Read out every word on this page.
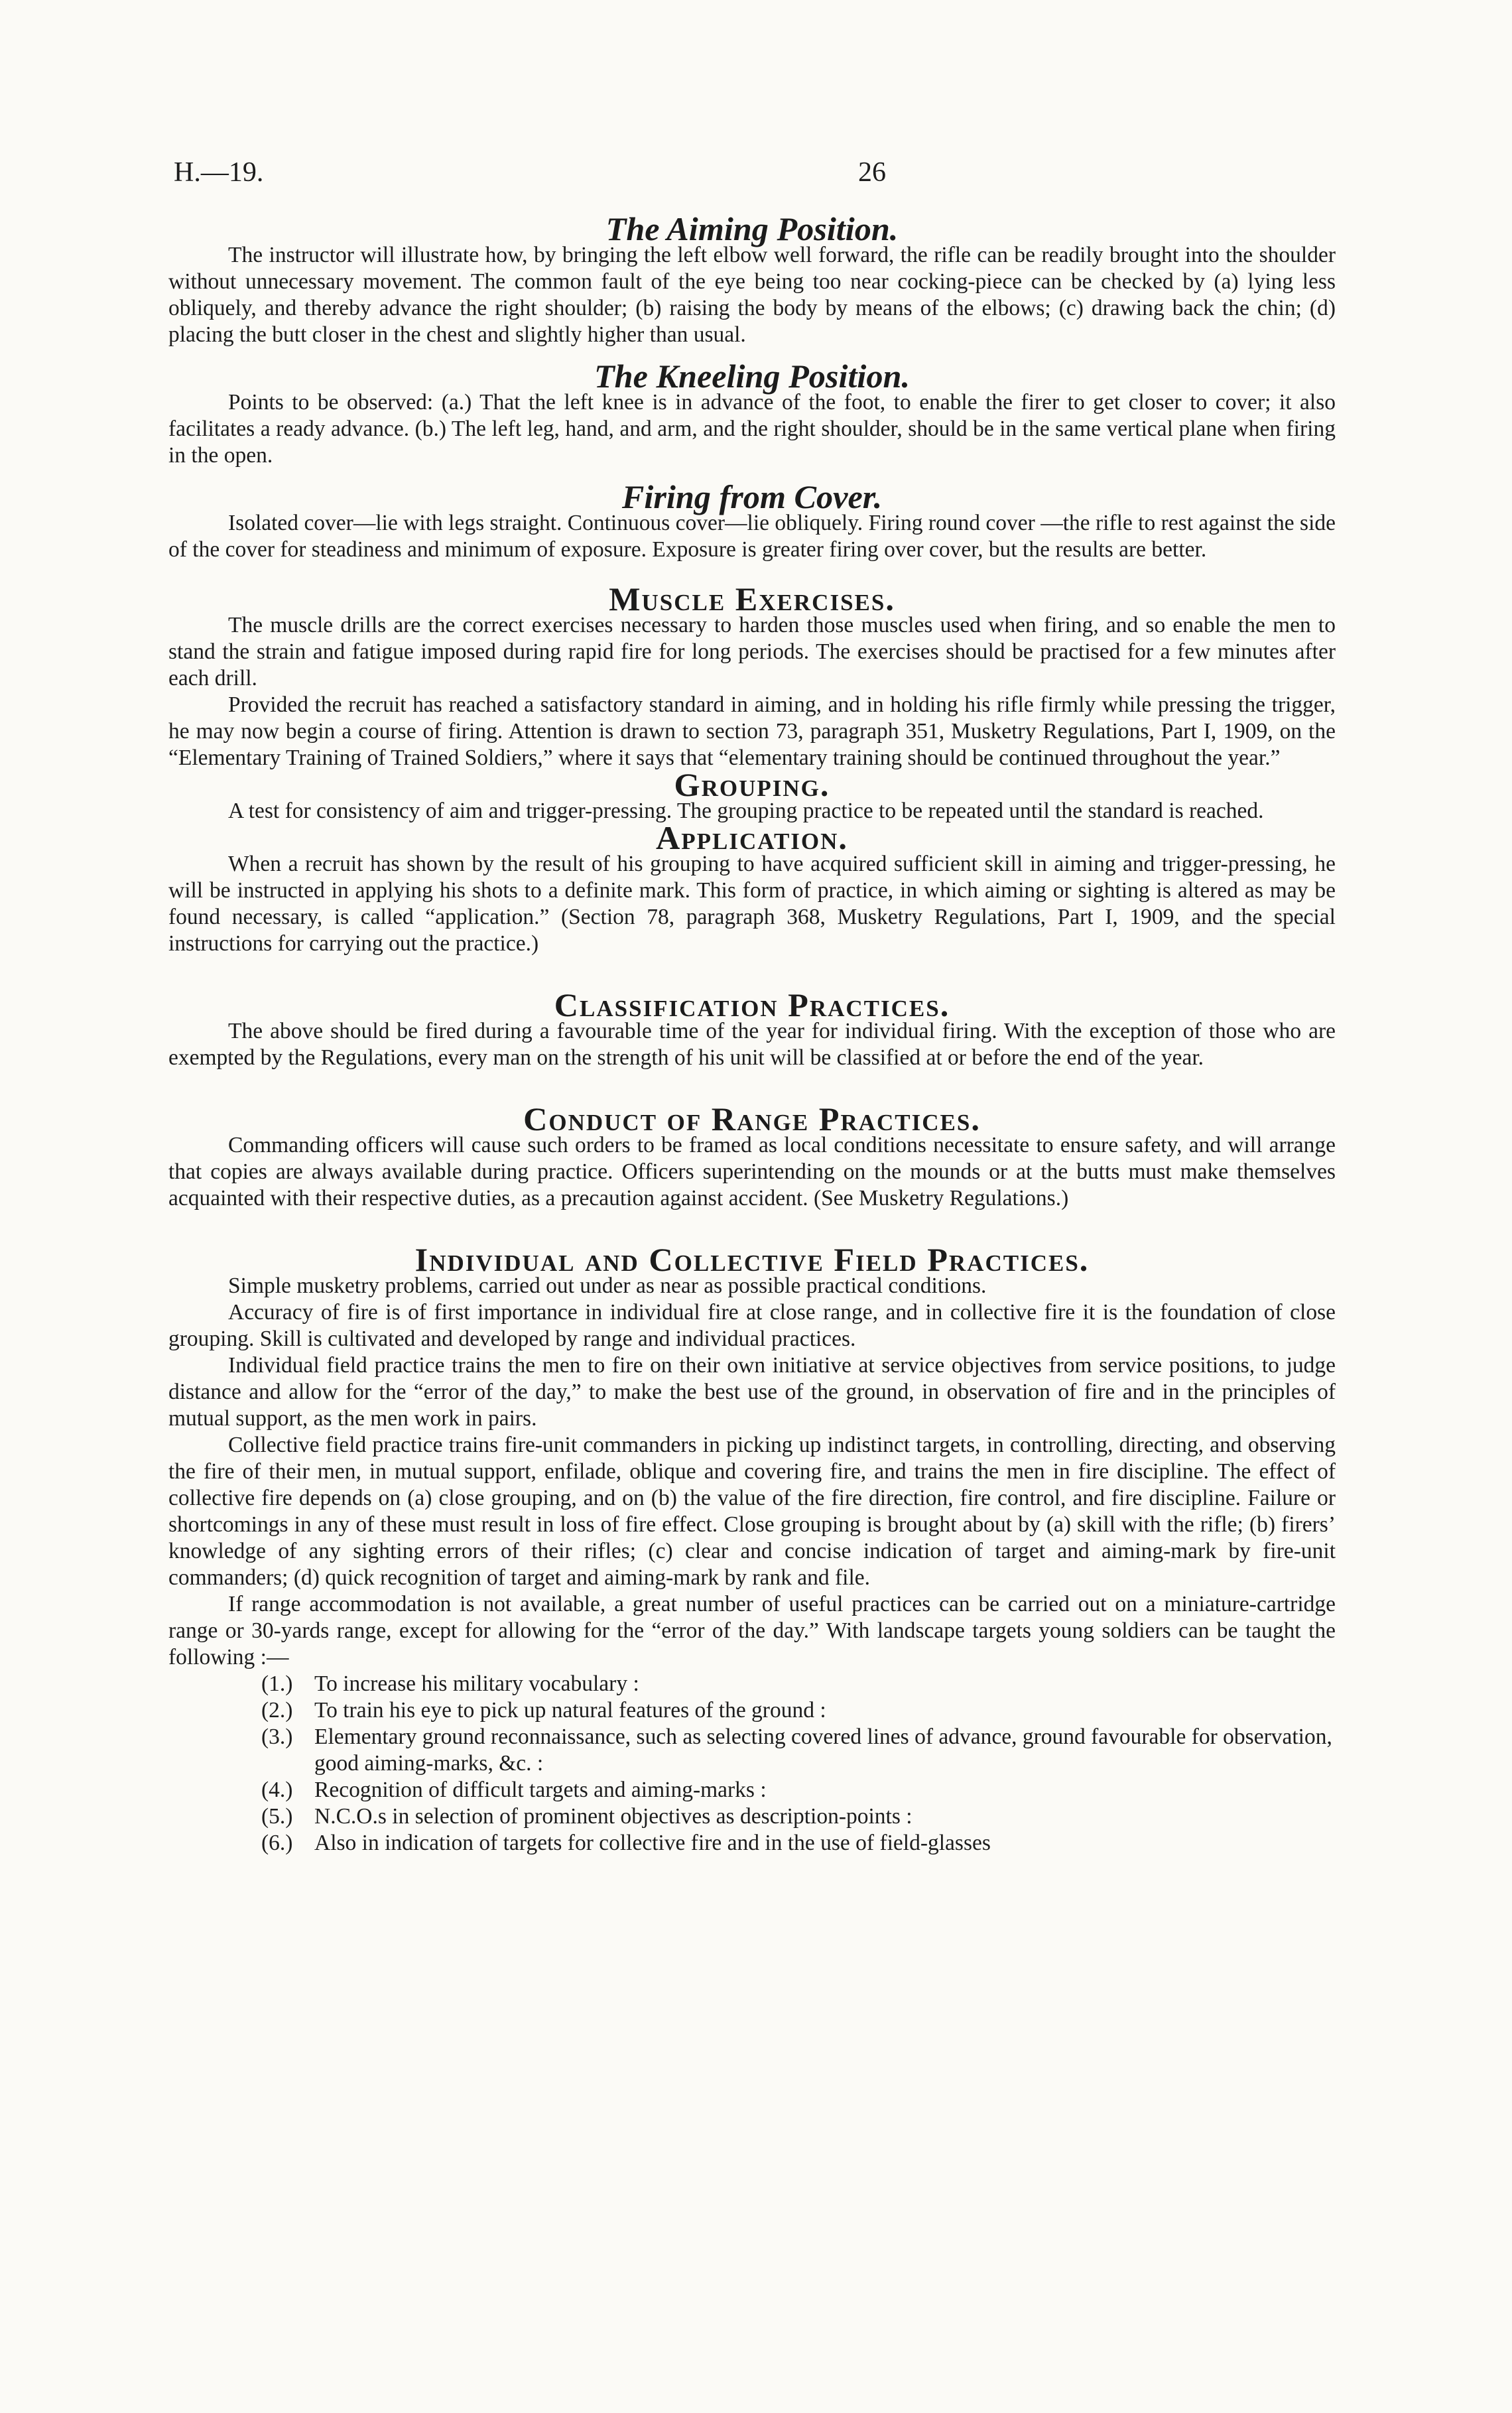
H.—19.	26
The Aiming Position.

The instructor will illustrate how, by bringing the left elbow well forward, the rifle can be readily brought into the shoulder without unnecessary movement. The common fault of the eye being too near cocking-piece can be checked by (a) lying less obliquely, and thereby advance the right shoulder; (b) raising the body by means of the elbows; (c) drawing back the chin; (d) placing the butt closer in the chest and slightly higher than usual.

The Kneeling Position.

Points to be observed: (a.) That the left knee is in advance of the foot, to enable the firer to get closer to cover; it also facilitates a ready advance. (b.) The left leg, hand, and arm, and the right shoulder, should be in the same vertical plane when firing in the open.

Firing from Cover.

Isolated cover—lie with legs straight. Continuous cover—lie obliquely. Firing round cover —the rifle to rest against the side of the cover for steadiness and minimum of exposure. Exposure is greater firing over cover, but the results are better.

Muscle Exercises.

The muscle drills are the correct exercises necessary to harden those muscles used when firing, and so enable the men to stand the strain and fatigue imposed during rapid fire for long periods. The exercises should be practised for a few minutes after each drill.

Provided the recruit has reached a satisfactory standard in aiming, and in holding his rifle firmly while pressing the trigger, he may now begin a course of firing. Attention is drawn to section 73, paragraph 351, Musketry Regulations, Part I, 1909, on the “Elementary Training of Trained Soldiers,” where it says that “elementary training should be continued throughout the year.”

Grouping.

A test for consistency of aim and trigger-pressing. The grouping practice to be repeated until the standard is reached.

Application.

When a recruit has shown by the result of his grouping to have acquired sufficient skill in aiming and trigger-pressing, he will be instructed in applying his shots to a definite mark. This form of practice, in which aiming or sighting is altered as may be found necessary, is called “application.” (Section 78, paragraph 368, Musketry Regulations, Part I, 1909, and the special instructions for carrying out the practice.)

Classification Practices.

The above should be fired during a favourable time of the year for individual firing. With the exception of those who are exempted by the Regulations, every man on the strength of his unit will be classified at or before the end of the year.

Conduct of Range Practices.

Commanding officers will cause such orders to be framed as local conditions necessitate to ensure safety, and will arrange that copies are always available during practice. Officers superintending on the mounds or at the butts must make themselves acquainted with their respective duties, as a precaution against accident. (See Musketry Regulations.)

Individual and Collective Field Practices.

Simple musketry problems, carried out under as near as possible practical conditions.

Accuracy of fire is of first importance in individual fire at close range, and in collective fire it is the foundation of close grouping. Skill is cultivated and developed by range and individual practices.

Individual field practice trains the men to fire on their own initiative at service objectives from service positions, to judge distance and allow for the “error of the day,” to make the best use of the ground, in observation of fire and in the principles of mutual support, as the men work in pairs.

Collective field practice trains fire-unit commanders in picking up indistinct targets, in controlling, directing, and observing the fire of their men, in mutual support, enfilade, oblique and covering fire, and trains the men in fire discipline. The effect of collective fire depends on (a) close grouping, and on (b) the value of the fire direction, fire control, and fire discipline. Failure or shortcomings in any of these must result in loss of fire effect. Close grouping is brought about by (a) skill with the rifle; (b) firers’ knowledge of any sighting errors of their rifles; (c) clear and concise indication of target and aiming-mark by fire-unit commanders; (d) quick recognition of target and aiming-mark by rank and file.

If range accommodation is not available, a great number of useful practices can be carried out on a miniature-cartridge range or 30-yards range, except for allowing for the “error of the day.” With landscape targets young soldiers can be taught the following :—

(1.) To increase his military vocabulary :
(2.) To train his eye to pick up natural features of the ground :
(3.) Elementary ground reconnaissance, such as selecting covered lines of advance, ground favourable for observation, good aiming-marks, &c. :
(4.) Recognition of difficult targets and aiming-marks :
(5.) N.C.O.s in selection of prominent objectives as description-points :
(6.) Also in indication of targets for collective fire and in the use of field-glasses
